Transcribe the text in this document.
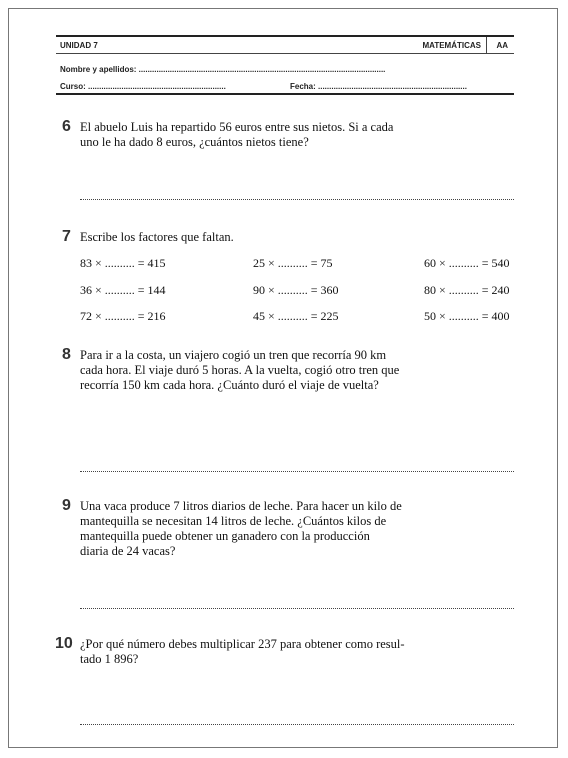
UNIDAD 7	MATEMÁTICAS AA
Nombre y apellidos: ...............................................................................................................
Curso: ..............................................................	Fecha: ...................................................................
6 El abuelo Luis ha repartido 56 euros entre sus nietos. Si a cada
uno le ha dado 8 euros, ¿cuántos nietos tiene?
7 Escribe los factores que faltan.
83 × .......... = 415	25 × .......... = 75	60 × .......... = 540
36 × .......... = 144	90 × .......... = 360	80 × .......... = 240
72 × .......... = 216	45 × .......... = 225	50 × .......... = 400
8 Para ir a la costa, un viajero cogió un tren que recorría 90 km
cada hora. El viaje duró 5 horas. A la vuelta, cogió otro tren que
recorría 150 km cada hora. ¿Cuánto duró el viaje de vuelta?
9 Una vaca produce 7 litros diarios de leche. Para hacer un kilo de
mantequilla se necesitan 14 litros de leche. ¿Cuántos kilos de
mantequilla puede obtener un ganadero con la producción
diaria de 24 vacas?
10 ¿Por qué número debes multiplicar 237 para obtener como resul-
tado 1 896?
